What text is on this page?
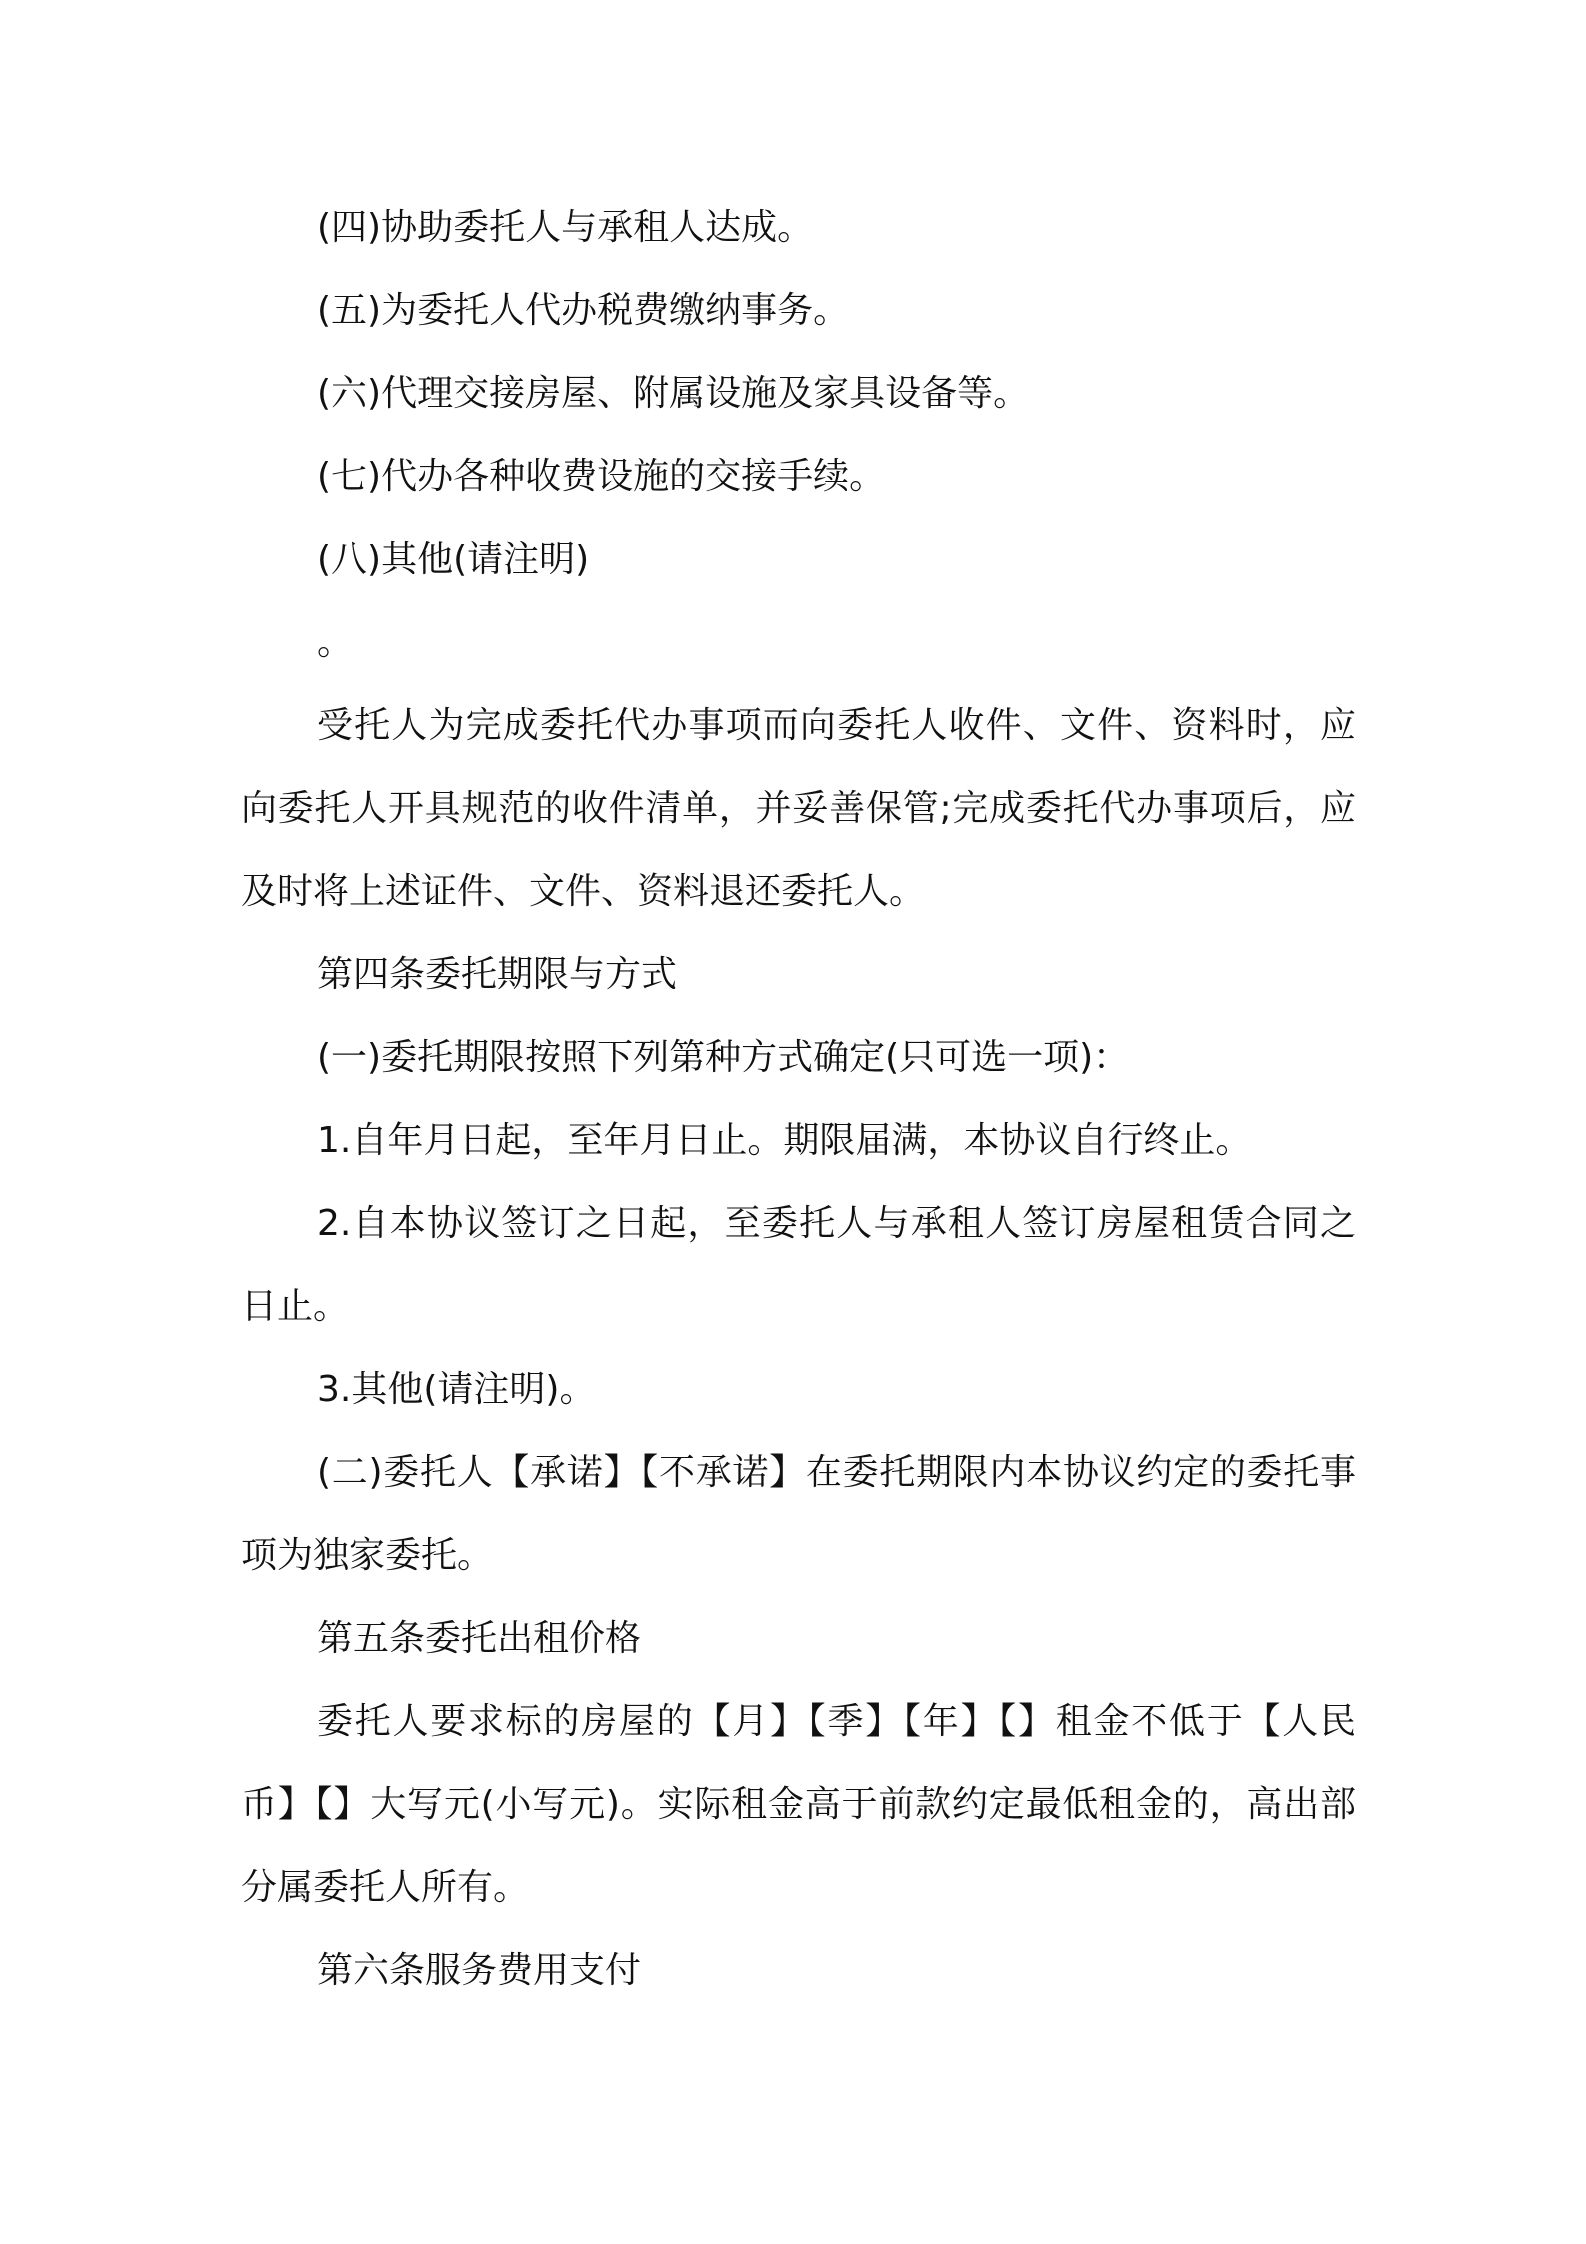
(四)协助委托人与承租人达成。

(五)为委托人代办税费缴纳事务。

(六)代理交接房屋、附属设施及家具设备等。

(七)代办各种收费设施的交接手续。

(八)其他(请注明)

。

受托人为完成委托代办事项而向委托人收件、文件、资料时，应向委托人开具规范的收件清单，并妥善保管;完成委托代办事项后，应及时将上述证件、文件、资料退还委托人。

第四条委托期限与方式

(一)委托期限按照下列第种方式确定(只可选一项)：

1.自年月日起，至年月日止。期限届满，本协议自行终止。

2.自本协议签订之日起，至委托人与承租人签订房屋租赁合同之日止。

3.其他(请注明)。

(二)委托人【承诺】【不承诺】在委托期限内本协议约定的委托事项为独家委托。

第五条委托出租价格

委托人要求标的房屋的【月】【季】【年】【】租金不低于【人民币】【】大写元(小写元)。实际租金高于前款约定最低租金的，高出部分属委托人所有。

第六条服务费用支付
